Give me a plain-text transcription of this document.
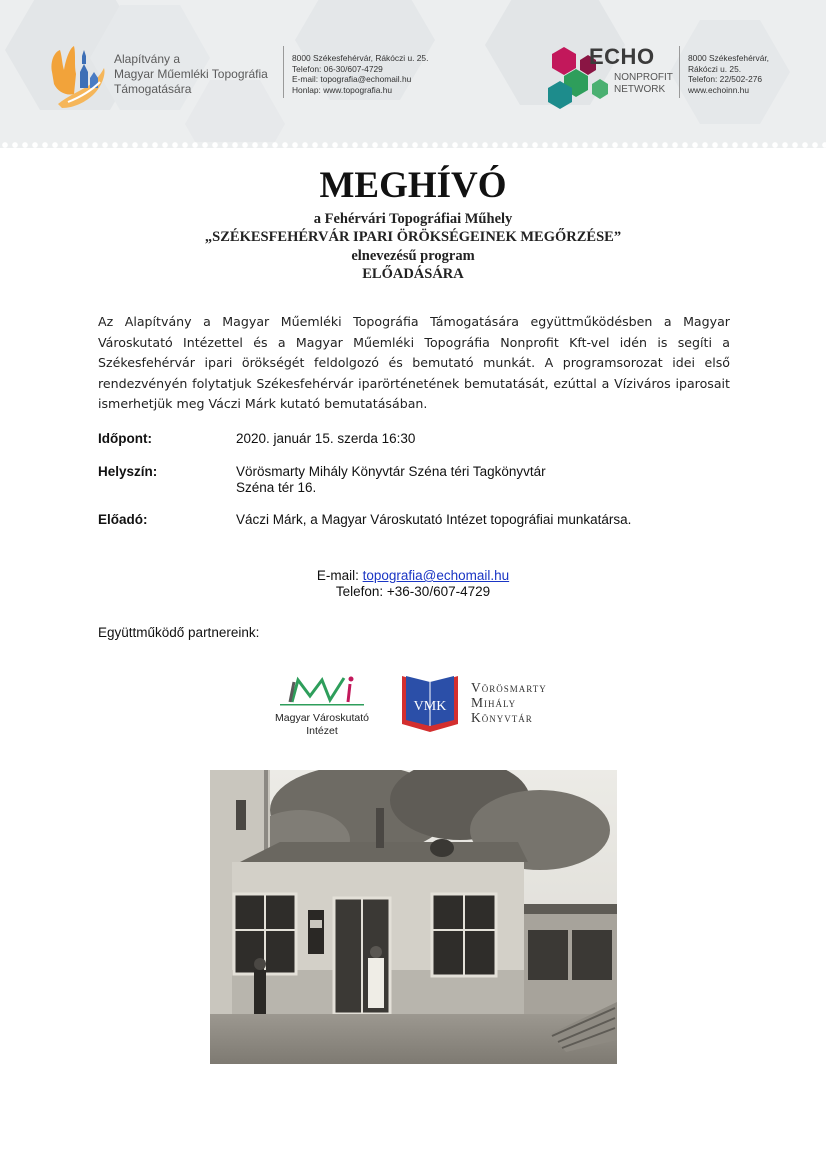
Alapítvány a
Magyar Műemléki Topográfia
Támogatására
8000 Székesfehérvár, Rákóczi u. 25.
Telefon: 06-30/607-4729
E-mail: topografia@echomail.hu
Honlap: www.topografia.hu
ECHO
NONPROFIT
NETWORK
8000 Székesfehérvár,
Rákóczi u. 25.
Telefon: 22/502-276
www.echoinn.hu
MEGHÍVÓ
a Fehérvári Topográfiai Műhely
„SZÉKESFEHÉRVÁR IPARI ÖRÖKSÉGEINEK MEGŐRZÉSE”
elnevezésű program
ELŐADÁSÁRA
Az Alapítvány a Magyar Műemléki Topográfia Támogatására együttműködésben a Magyar Városkutató Intézettel és a Magyar Műemléki Topográfia Nonprofit Kft-vel idén is segíti a Székesfehérvár ipari örökségét feldolgozó és bemutató munkát. A programsorozat idei első rendezvényén folytatjuk Székesfehérvár iparörténetének bemutatását, ezúttal a Víziváros iparosait ismerhetjük meg Váczi Márk kutató bemutatásában.
Időpont:	2020. január 15. szerda 16:30
Helyszín:	Vörösmarty Mihály Könyvtár Széna téri Tagkönyvtár
Széna tér 16.
Előadó:	Váczi Márk, a Magyar Városkutató Intézet topográfiai munkatársa.
E-mail: topografia@echomail.hu
Telefon: +36-30/607-4729
Együttműködő partnereink:
Magyar Városkutató
Intézet
VMK
Vörösmarty
Mihály
Könyvtár
